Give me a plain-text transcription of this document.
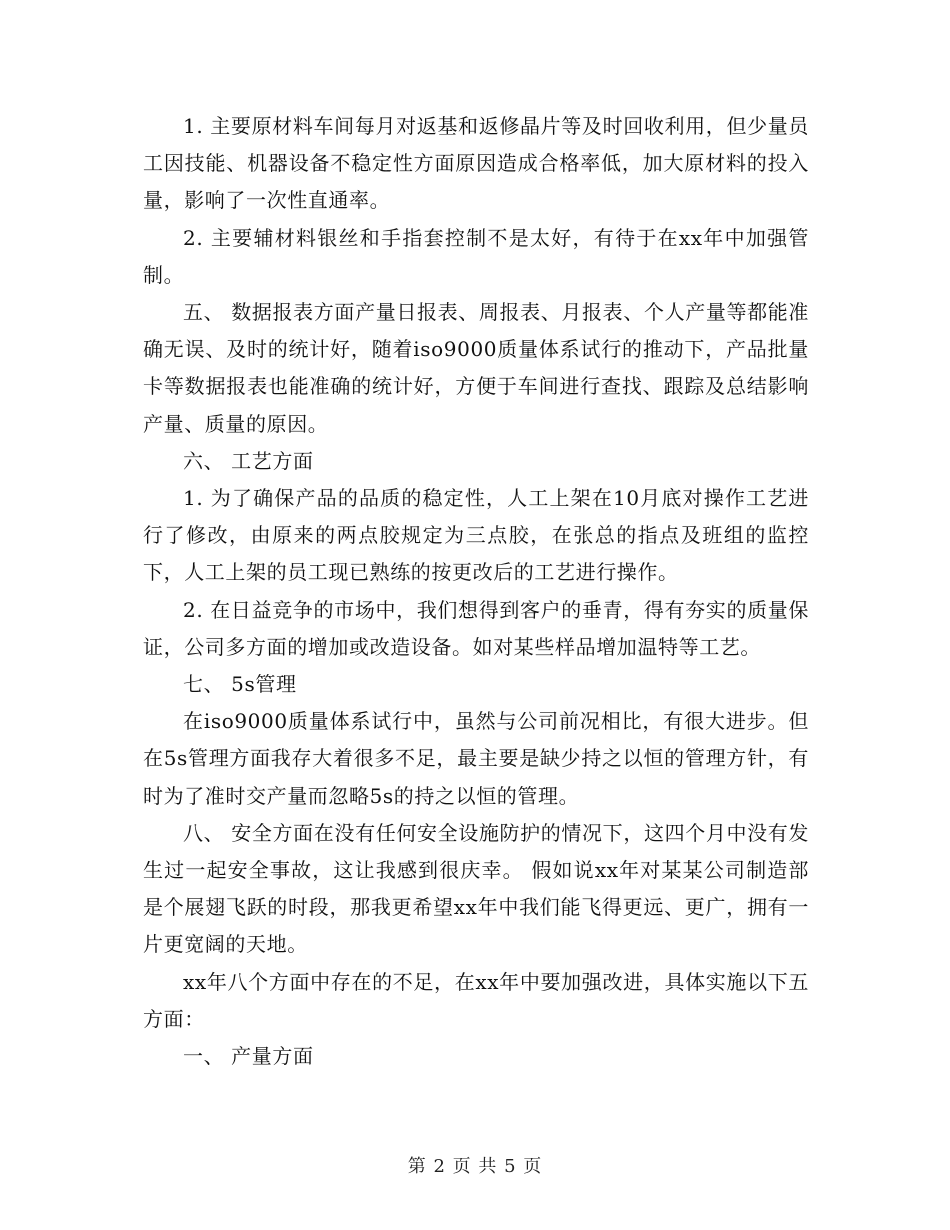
1. 主要原材料车间每月对返基和返修晶片等及时回收利用，但少量员工因技能、机器设备不稳定性方面原因造成合格率低，加大原材料的投入量，影响了一次性直通率。

2. 主要辅材料银丝和手指套控制不是太好，有待于在xx年中加强管制。

五、 数据报表方面产量日报表、周报表、月报表、个人产量等都能准确无误、及时的统计好，随着iso9000质量体系试行的推动下，产品批量卡等数据报表也能准确的统计好，方便于车间进行查找、跟踪及总结影响产量、质量的原因。

六、 工艺方面

1. 为了确保产品的品质的稳定性，人工上架在10月底对操作工艺进行了修改，由原来的两点胶规定为三点胶，在张总的指点及班组的监控下，人工上架的员工现已熟练的按更改后的工艺进行操作。

2. 在日益竞争的市场中，我们想得到客户的垂青，得有夯实的质量保证，公司多方面的增加或改造设备。如对某些样品增加温特等工艺。

七、 5s管理

在iso9000质量体系试行中，虽然与公司前况相比，有很大进步。但在5s管理方面我存大着很多不足，最主要是缺少持之以恒的管理方针，有时为了准时交产量而忽略5s的持之以恒的管理。

八、 安全方面在没有任何安全设施防护的情况下，这四个月中没有发生过一起安全事故，这让我感到很庆幸。 假如说xx年对某某公司制造部是个展翅飞跃的时段，那我更希望xx年中我们能飞得更远、更广，拥有一片更宽阔的天地。

xx年八个方面中存在的不足，在xx年中要加强改进，具体实施以下五方面：

一、 产量方面

第 2 页 共 5 页
